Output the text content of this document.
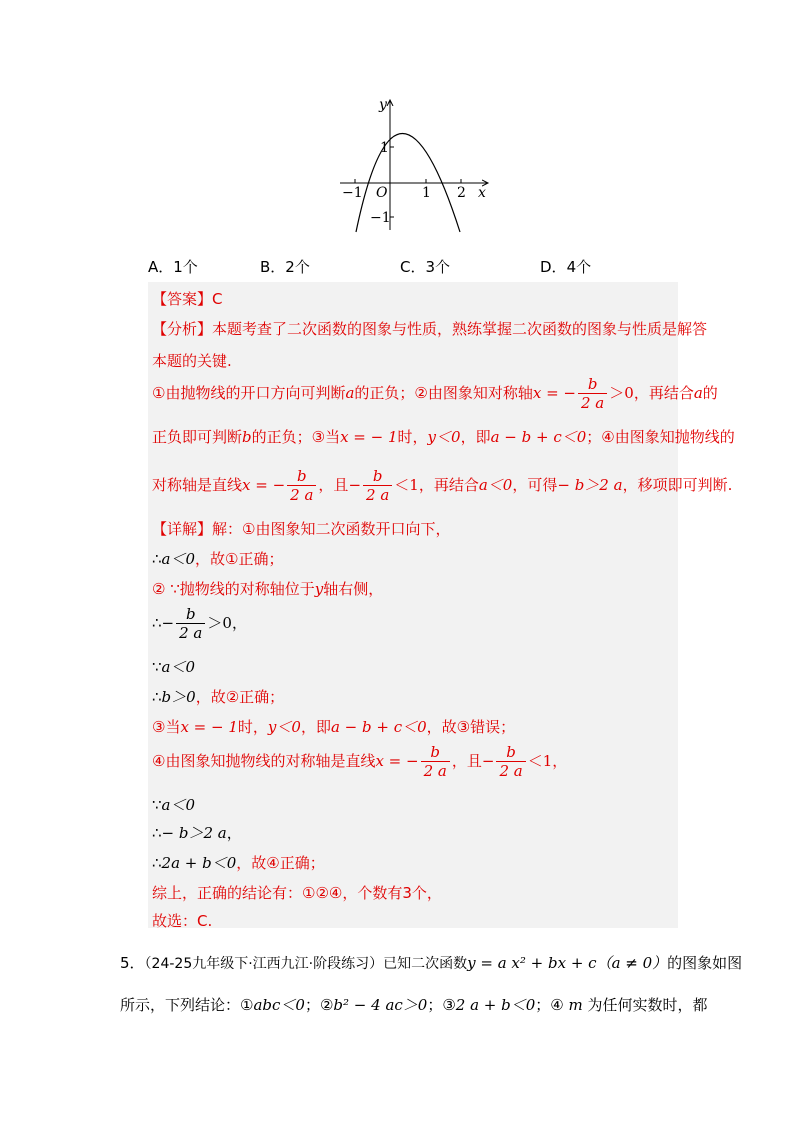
y
x
O
−1	1 2
1
−1
A．1个	B．2个	C．3个	D．4个
【答案】C
【分析】本题考查了二次函数的图象与性质，熟练掌握二次函数的图象与性质是解答
本题的关键.
①由抛物线的开口方向可判断a的正负；②由图象知对称轴x = − $\frac{b}{2 a} >0$，再结合a的
正负即可判断b的正负；③当x = − 1时，y＜0，即a − b + c＜0；④由图象知抛物线的
对称轴是直线x = − $\frac{b}{2 a}$ ，且− $\frac{b}{2 a} <1$，再结合a＜0，可得− b＞2 a，移项即可判断.
【详解】解：①由图象知二次函数开口向下，
∴a＜0，故①正确；
② ∵抛物线的对称轴位于y轴右侧，
∴− $\frac{b}{2 a} >0$，
∵a＜0
∴b＞0，故②正确；
③当x = − 1时，y＜0，即a − b + c＜0，故③错误；
④由图象知抛物线的对称轴是直线x = − $\frac{b}{2 a}$ ，且− $\frac{b}{2 a} <1$，
∵a＜0
∴− b＞2 a，
∴2a + b＜0，故④正确；
综上，正确的结论有：①②④，个数有3个，
故选：C.
5．（24-25九年级下·江西九江·阶段练习）已知二次函数y = a x² + bx + c（a ≠ 0）的图象如图
所示，下列结论：①abc＜0；②b² − 4 ac＞0；③2 a + b＜0；④ m 为任何实数时，都
